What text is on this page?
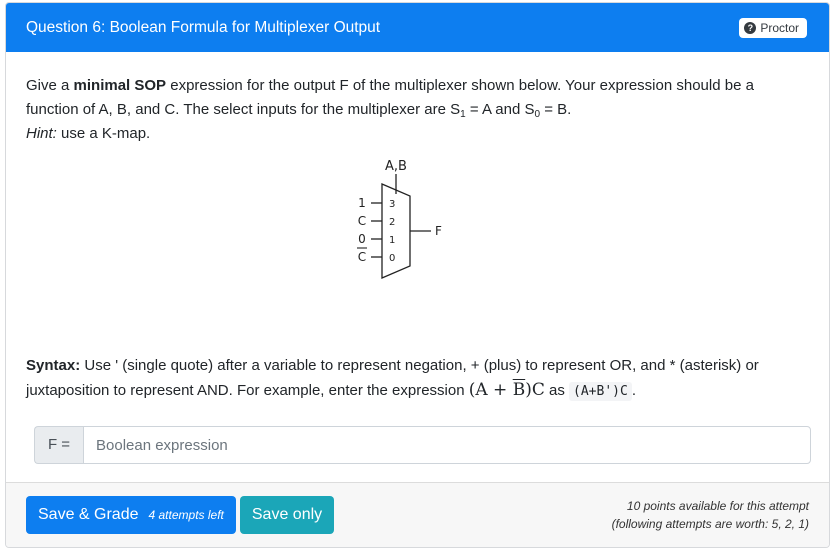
Question 6: Boolean Formula for Multiplexer Output	? Proctor

Give a minimal SOP expression for the output F of the multiplexer shown below. Your expression should be a
function of A, B, and C. The select inputs for the multiplexer are $S_1 = A$ and $S_0 = B$.
Hint: use a K-map.

A,B
F
1
C
0
C
3
2
1
0

Syntax: Use ' (single quote) after a variable to represent negation, + (plus) to represent OR, and * (asterisk) or
juxtaposition to represent AND. For example, enter the expression $(A + \overline{B})C$ as (A+B')C .

F =
Boolean expression
Save & Grade 4 attempts left	Save only	10 points available for this attempt
(following attempts are worth: 5, 2, 1)
